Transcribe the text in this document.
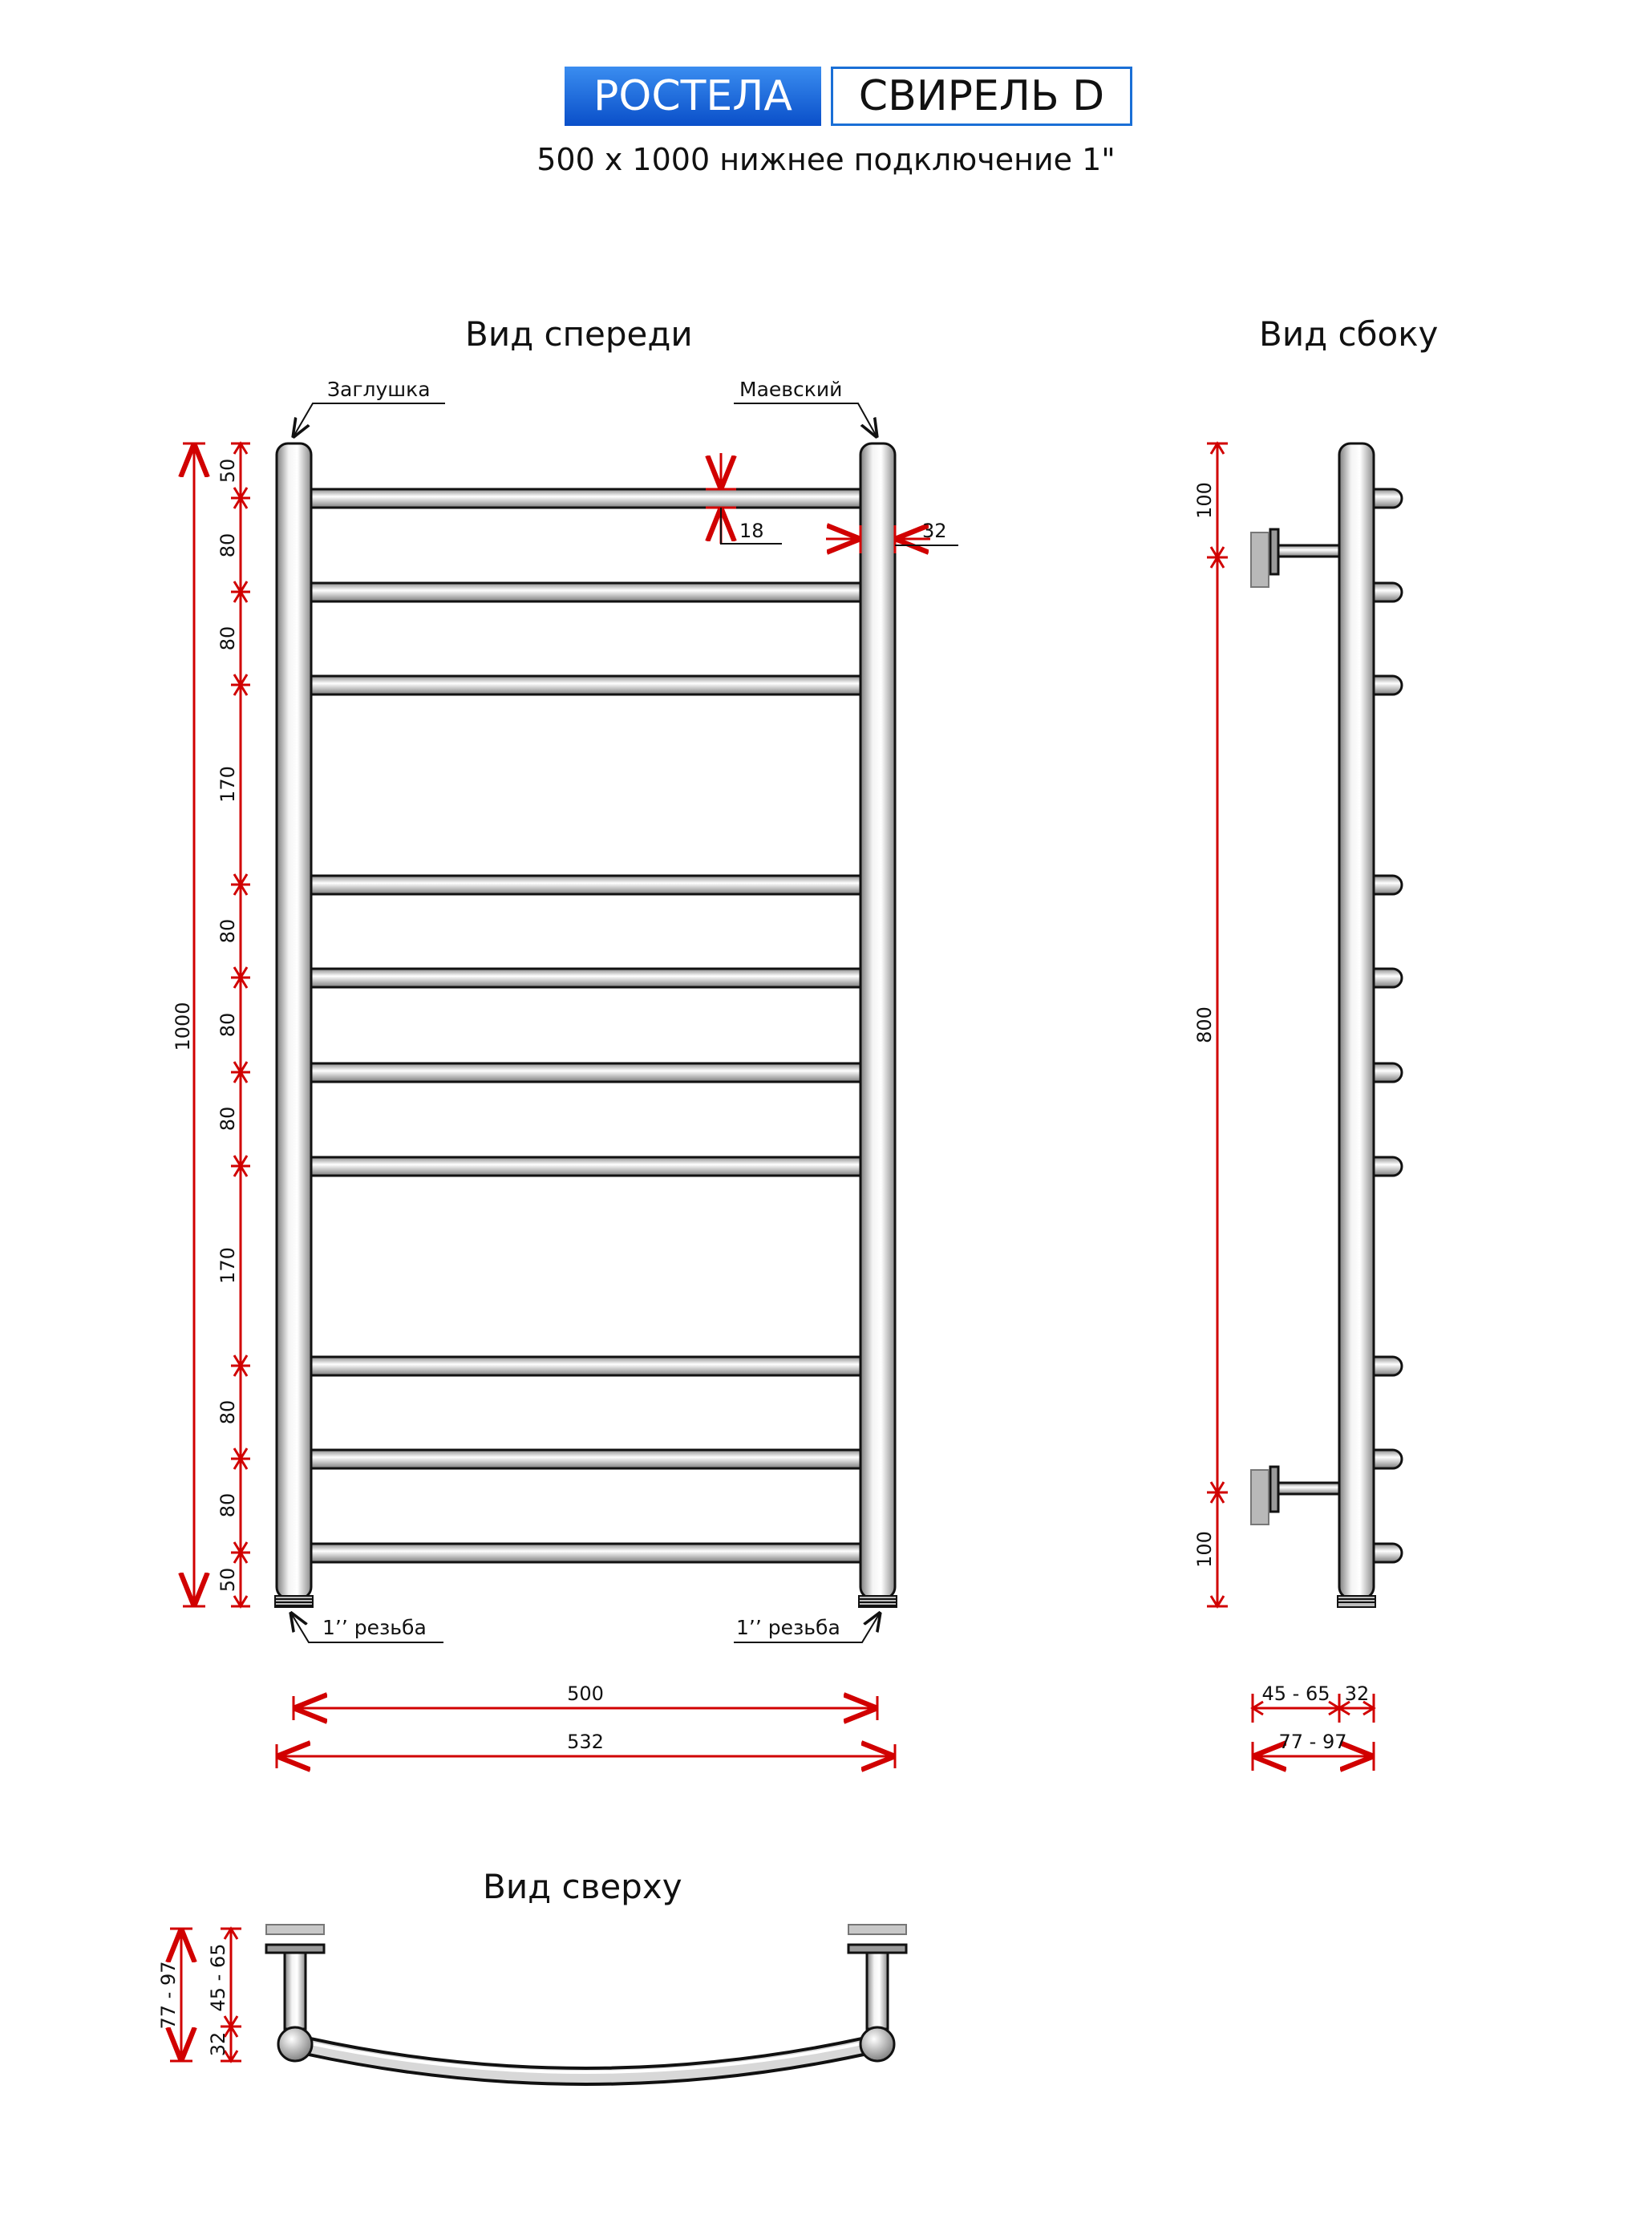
РОСТЕЛА	СВИРЕЛЬ D
500 x 1000 нижнее подключение 1"
Вид спереди	Вид сбоку
Вид сверху
Заглушка	Маевский
1’’ резьба	1’’ резьба
1000
50
80
80
170
80
80
80
170
80
80
50
18	32
500
532
100
800
100
45 - 65 32
77 - 97
77 - 97 45 - 65
32
